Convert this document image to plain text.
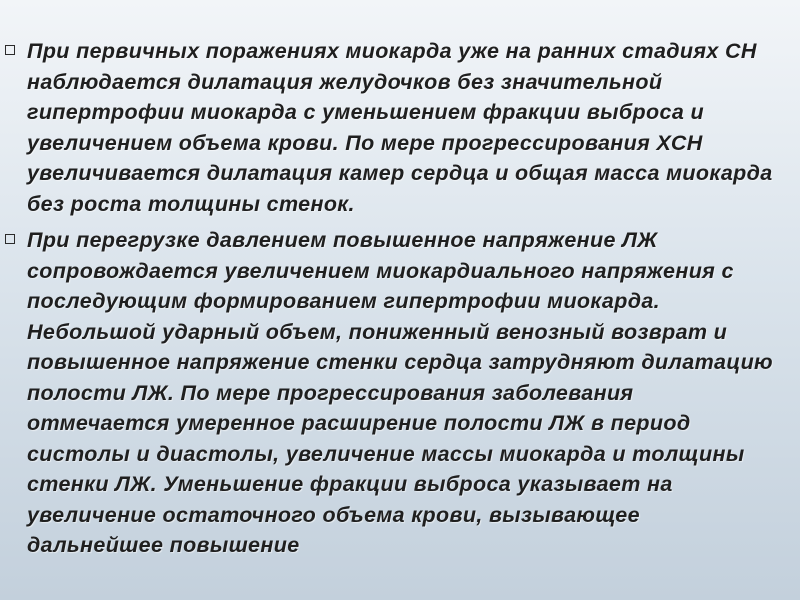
При первичных поражениях миокарда уже на ранних стадиях СН наблюдается дилатация желудочков без значительной гипертрофии миокарда с уменьшением фракции выброса и увеличением объема крови. По мере прогрессирования ХСН увеличивается дилатация камер сердца и общая масса миокарда без роста толщины стенок.
При перегрузке давлением повышенное напряжение ЛЖ сопровождается увеличением миокардиального напряжения с последующим формированием гипертрофии миокарда. Небольшой ударный объем, пониженный венозный возврат и повышенное напряжение стенки сердца затрудняют дилатацию полости ЛЖ. По мере прогрессирования заболевания отмечается умеренное расширение полости ЛЖ в период систолы и диастолы, увеличение массы миокарда и толщины стенки ЛЖ. Уменьшение фракции выброса указывает на увеличение остаточного объема крови, вызывающее дальнейшее повышение
